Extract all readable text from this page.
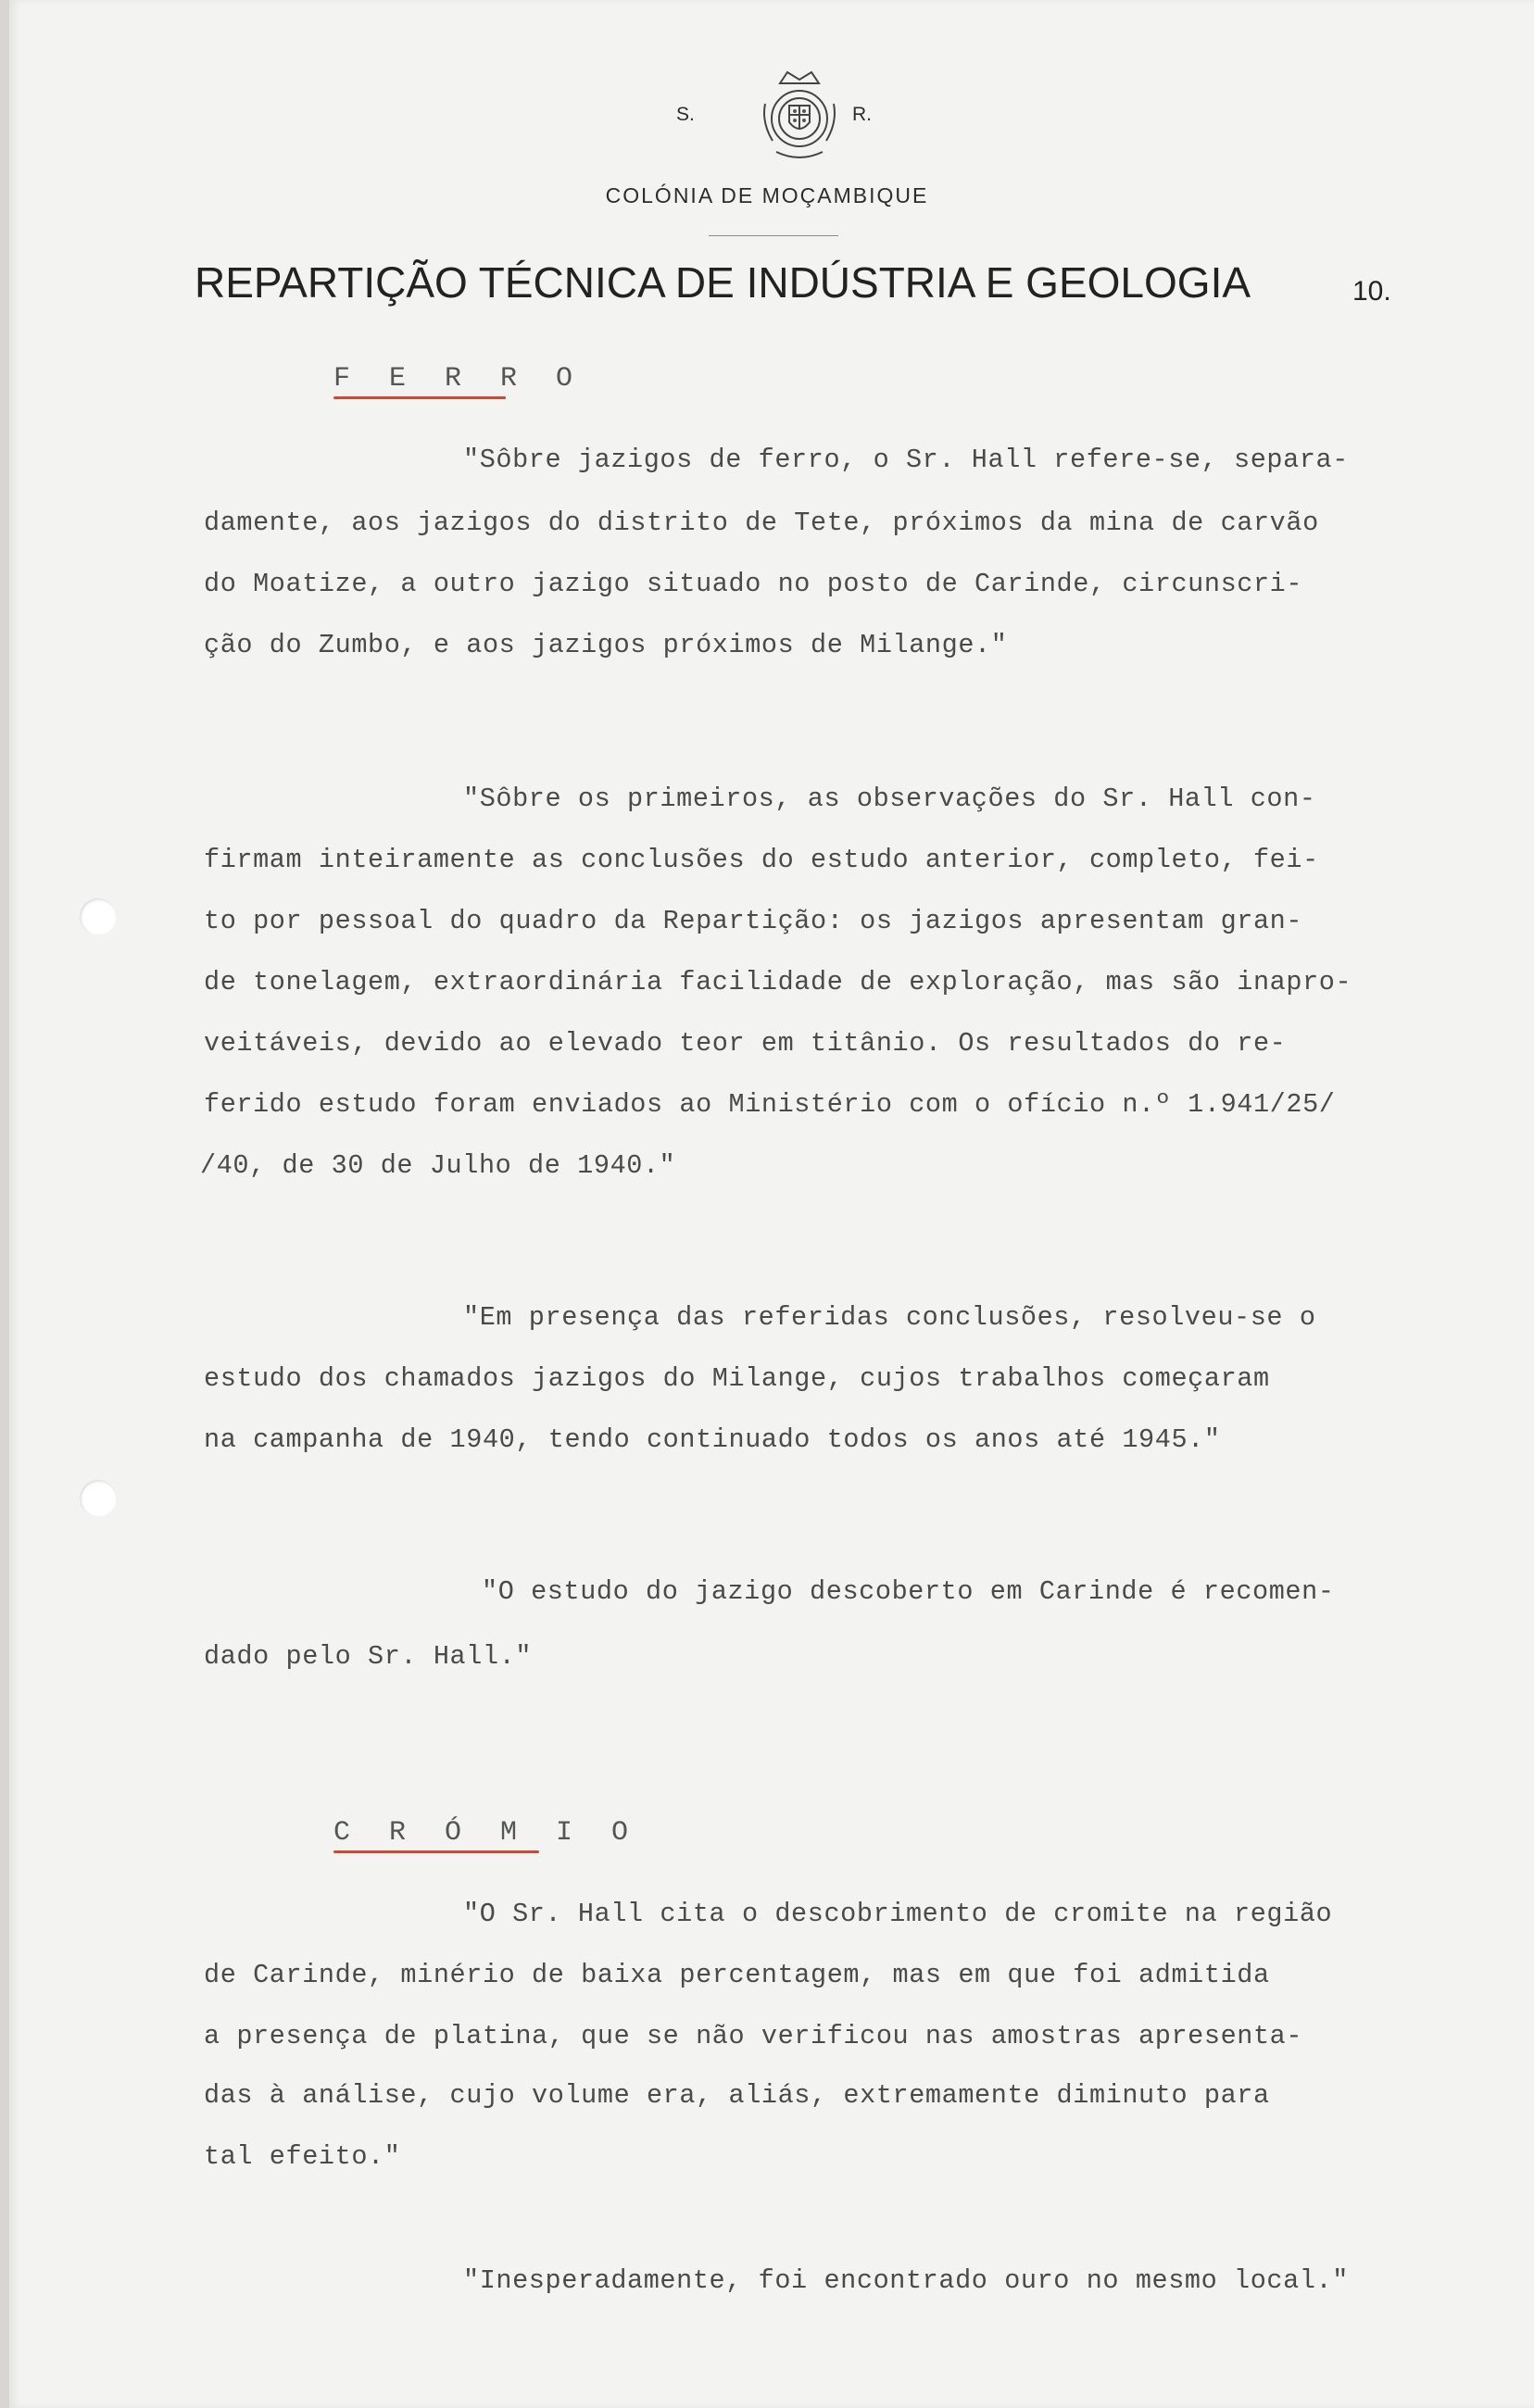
S.	R.
COLÓNIA DE MOÇAMBIQUE
REPARTIÇÃO TÉCNICA DE INDÚSTRIA E GEOLOGIA	10.
F E R R O
"Sôbre jazigos de ferro, o Sr. Hall refere-se, separa-
damente, aos jazigos do distrito de Tete, próximos da mina de carvão
do Moatize, a outro jazigo situado no posto de Carinde, circunscri-
ção do Zumbo, e aos jazigos próximos de Milange."
"Sôbre os primeiros, as observações do Sr. Hall con-
firmam inteiramente as conclusões do estudo anterior, completo, fei-
to por pessoal do quadro da Repartição: os jazigos apresentam gran-
de tonelagem, extraordinária facilidade de exploração, mas são inapro-
veitáveis, devido ao elevado teor em titânio. Os resultados do re-
ferido estudo foram enviados ao Ministério com o ofício n.º 1.941/25/
/40, de 30 de Julho de 1940."
"Em presença das referidas conclusões, resolveu-se o
estudo dos chamados jazigos do Milange, cujos trabalhos começaram
na campanha de 1940, tendo continuado todos os anos até 1945."
"O estudo do jazigo descoberto em Carinde é recomen-
dado pelo Sr. Hall."
C R Ó M I O
"O Sr. Hall cita o descobrimento de cromite na região
de Carinde, minério de baixa percentagem, mas em que foi admitida
a presença de platina, que se não verificou nas amostras apresenta-
das à análise, cujo volume era, aliás, extremamente diminuto para
tal efeito."
"Inesperadamente, foi encontrado ouro no mesmo local."
